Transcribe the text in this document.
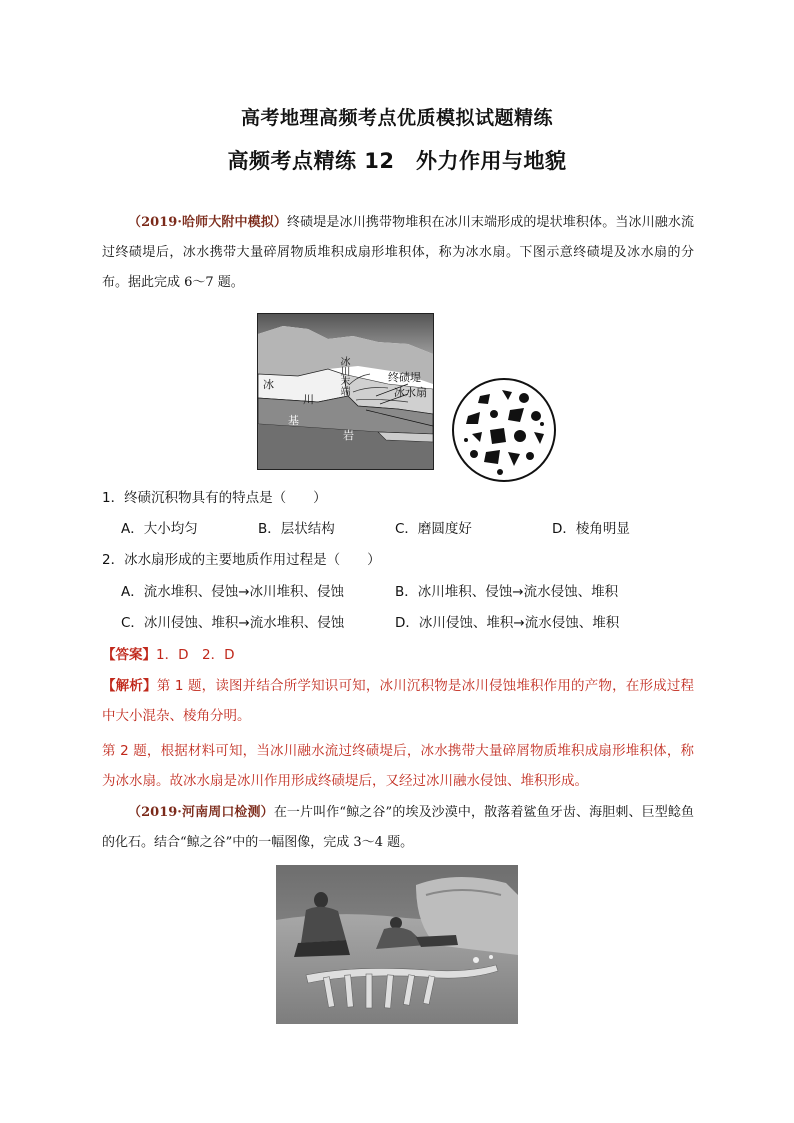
高考地理高频考点优质模拟试题精练
高频考点精练 12　外力作用与地貌
（2019·哈师大附中模拟）终碛堤是冰川携带物堆积在冰川末端形成的堤状堆积体。当冰川融水流过终碛堤后，冰水携带大量碎屑物质堆积成扇形堆积体，称为冰水扇。下图示意终碛堤及冰水扇的分布。据此完成 6～7 题。
终碛堤
冰水扇
冰川末端
冰
川
基
岩
1．终碛沉积物具有的特点是（　　）
A．大小均匀	B．层状结构	C．磨圆度好	D．棱角明显
2．冰水扇形成的主要地质作用过程是（　　）
A．流水堆积、侵蚀→冰川堆积、侵蚀	B．冰川堆积、侵蚀→流水侵蚀、堆积
C．冰川侵蚀、堆积→流水堆积、侵蚀	D．冰川侵蚀、堆积→流水侵蚀、堆积
【答案】1．D　2．D
【解析】第 1 题，读图并结合所学知识可知，冰川沉积物是冰川侵蚀堆积作用的产物，在形成过程中大小混杂、棱角分明。
第 2 题，根据材料可知，当冰川融水流过终碛堤后，冰水携带大量碎屑物质堆积成扇形堆积体，称为冰水扇。故冰水扇是冰川作用形成终碛堤后，又经过冰川融水侵蚀、堆积形成。
（2019·河南周口检测）在一片叫作“鲸之谷”的埃及沙漠中，散落着鲨鱼牙齿、海胆刺、巨型鲶鱼的化石。结合“鲸之谷”中的一幅图像，完成 3～4 题。
